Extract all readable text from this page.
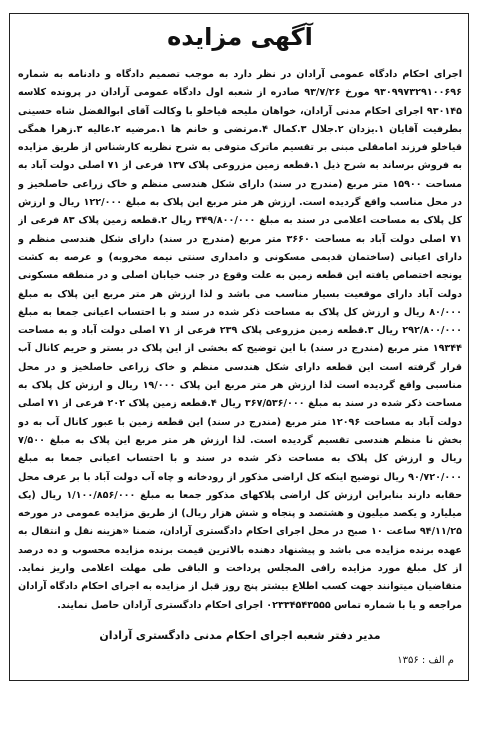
آگهی مزایده
اجرای احکام دادگاه عمومی آرادان در نظر دارد به موجب تصمیم دادگاه و دادنامه به شماره ۹۳۰۹۹۷۳۲۹۱۰۰۶۹۶ مورخ ۹۳/۷/۲۶ صادره از شعبه اول دادگاه عمومی آرادان در پرونده کلاسه ۹۳۰۱۴۵ اجرای احکام مدنی آرادان، خواهان ملیحه قیاخلو با وکالت آقای ابوالفضل شاه حسینی بطرفیت آقایان ۱.یزدان ۲.جلال ۳.کمال ۴.مرتضی و خانم ها ۱.مرضیه ۲.عالیه ۳.زهرا همگی قیاخلو فرزند امامقلی مبنی بر تقسیم ماترک متوفی به شرح نظریه کارشناس از طریق مزایده به فروش برساند به شرح ذیل ۱.قطعه زمین مزروعی پلاک ۱۳۷ فرعی از ۷۱ اصلی دولت آباد به مساحت ۱۵۹۰۰ متر مربع (مندرج در سند) دارای شکل هندسی منظم و خاک زراعی حاصلخیز و در محل مناسب واقع گردیده است. ارزش هر متر مربع این پلاک به مبلغ ۱۲۲/۰۰۰ ریال و ارزش کل پلاک به مساحت اعلامی در سند به مبلغ ۳۴۹/۸۰۰/۰۰۰ ریال ۲.قطعه زمین پلاک ۸۳ فرعی از ۷۱ اصلی دولت آباد به مساحت ۳۶۶۰ متر مربع (مندرج در سند) دارای شکل هندسی منظم و دارای اعیانی (ساختمان قدیمی مسکونی و دامداری سنتی نیمه مخروبه) و عرصه به کشت یونجه اختصاص یافته این قطعه زمین به علت وقوع در جنب خیابان اصلی و در منطقه مسکونی دولت آباد دارای موقعیت بسیار مناسب می باشد و لذا ارزش هر متر مربع این پلاک به مبلغ ۸۰/۰۰۰ ریال و ارزش کل پلاک به مساحت ذکر شده در سند و با احتساب اعیانی جمعا به مبلغ ۲۹۲/۸۰۰/۰۰۰ ریال ۳.قطعه زمین مزروعی پلاک ۲۳۹ فرعی از ۷۱ اصلی دولت آباد و به مساحت ۱۹۳۴۴ متر مربع (مندرج در سند) با این توضیح که بخشی از این پلاک در بستر و حریم کانال آب قرار گرفته است این قطعه دارای شکل هندسی منظم و خاک زراعی حاصلخیز و در محل مناسبی واقع گردیده است لذا ارزش هر متر مربع این پلاک ۱۹/۰۰۰ ریال و ارزش کل پلاک به مساحت ذکر شده در سند به مبلغ ۳۶۷/۵۳۶/۰۰۰ ریال ۴.قطعه زمین پلاک ۲۰۲ فرعی از ۷۱ اصلی دولت آباد به مساحت ۱۲۰۹۶ متر مربع (مندرج در سند) این قطعه زمین با عبور کانال آب به دو بخش نا منظم هندسی تقسیم گردیده است. لذا ارزش هر متر مربع این پلاک به مبلغ ۷/۵۰۰ ریال و ارزش کل پلاک به مساحت ذکر شده در سند و با احتساب اعیانی جمعا به مبلغ ۹۰/۷۲۰/۰۰۰ ریال توضیح اینکه کل اراضی مذکور از رودخانه و چاه آب دولت آباد با بر عرف محل حقابه دارند بنابراین ارزش کل اراضی پلاکهای مذکور جمعا به مبلغ ۱/۱۰۰/۸۵۶/۰۰۰ ریال (یک میلیارد و یکصد میلیون و هشتصد و پنجاه و شش هزار ریال) از طریق مزایده عمومی در مورخه ۹۴/۱۱/۲۵ ساعت ۱۰ صبح در محل اجرای احکام دادگستری آرادان، ضمنا «هزینه نقل و انتقال به عهده برنده مزایده می باشد و پیشنهاد دهنده بالاترین قیمت برنده مزایده محسوب و ده درصد از کل مبلغ مورد مزایده رافی المجلس پرداخت و الباقی طی مهلت اعلامی واریز نماید. متقاضیان میتوانند جهت کسب اطلاع بیشتر پنج روز قبل از مزایده به اجرای احکام دادگاه آرادان مراجعه و یا با شماره تماس ۰۲۳۳۴۵۴۳۵۵۵ اجرای احکام دادگستری آرادان حاصل نمایند.
مدیر دفتر شعبه اجرای احکام مدنی دادگستری آرادان
م الف : ۱۳۵۶
